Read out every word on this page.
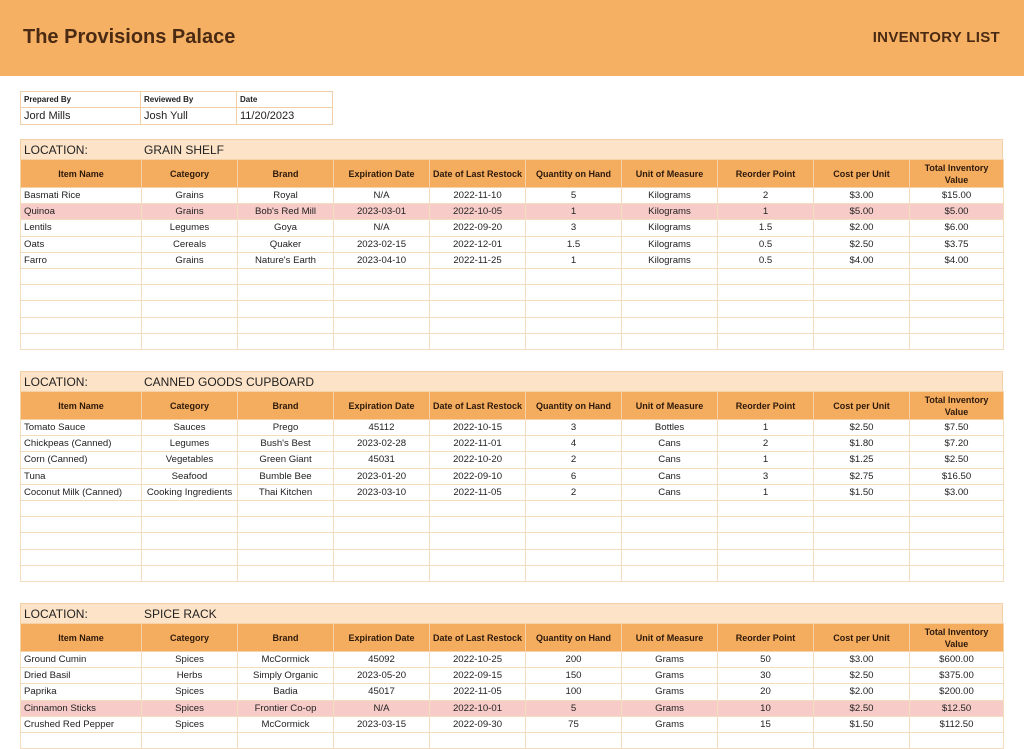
The Provisions Palace	INVENTORY LIST
Prepared By	Reviewed By	Date
Jord Mills	Josh Yull	11/20/2023
LOCATION:	GRAIN SHELF
Item Name	Category	Brand	Expiration Date	Date of Last Restock	Quantity on Hand	Unit of Measure	Reorder Point	Cost per Unit	Total Inventory Value
Basmati Rice	Grains	Royal	N/A	2022-11-10	5	Kilograms	2	$3.00	$15.00
Quinoa	Grains	Bob's Red Mill	2023-03-01	2022-10-05	1	Kilograms	1	$5.00	$5.00
Lentils	Legumes	Goya	N/A	2022-09-20	3	Kilograms	1.5	$2.00	$6.00
Oats	Cereals	Quaker	2023-02-15	2022-12-01	1.5	Kilograms	0.5	$2.50	$3.75
Farro	Grains	Nature's Earth	2023-04-10	2022-11-25	1	Kilograms	0.5	$4.00	$4.00

LOCATION:	CANNED GOODS CUPBOARD
Item Name	Category	Brand	Expiration Date	Date of Last Restock	Quantity on Hand	Unit of Measure	Reorder Point	Cost per Unit	Total Inventory Value
Tomato Sauce	Sauces	Prego	45112	2022-10-15	3	Bottles	1	$2.50	$7.50
Chickpeas (Canned)	Legumes	Bush's Best	2023-02-28	2022-11-01	4	Cans	2	$1.80	$7.20
Corn (Canned)	Vegetables	Green Giant	45031	2022-10-20	2	Cans	1	$1.25	$2.50
Tuna	Seafood	Bumble Bee	2023-01-20	2022-09-10	6	Cans	3	$2.75	$16.50
Coconut Milk (Canned)	Cooking Ingredients	Thai Kitchen	2023-03-10	2022-11-05	2	Cans	1	$1.50	$3.00

LOCATION:	SPICE RACK
Item Name	Category	Brand	Expiration Date	Date of Last Restock	Quantity on Hand	Unit of Measure	Reorder Point	Cost per Unit	Total Inventory Value
Ground Cumin	Spices	McCormick	45092	2022-10-25	200	Grams	50	$3.00	$600.00
Dried Basil	Herbs	Simply Organic	2023-05-20	2022-09-15	150	Grams	30	$2.50	$375.00
Paprika	Spices	Badia	45017	2022-11-05	100	Grams	20	$2.00	$200.00
Cinnamon Sticks	Spices	Frontier Co-op	N/A	2022-10-01	5	Grams	10	$2.50	$12.50
Crushed Red Pepper	Spices	McCormick	2023-03-15	2022-09-30	75	Grams	15	$1.50	$112.50
